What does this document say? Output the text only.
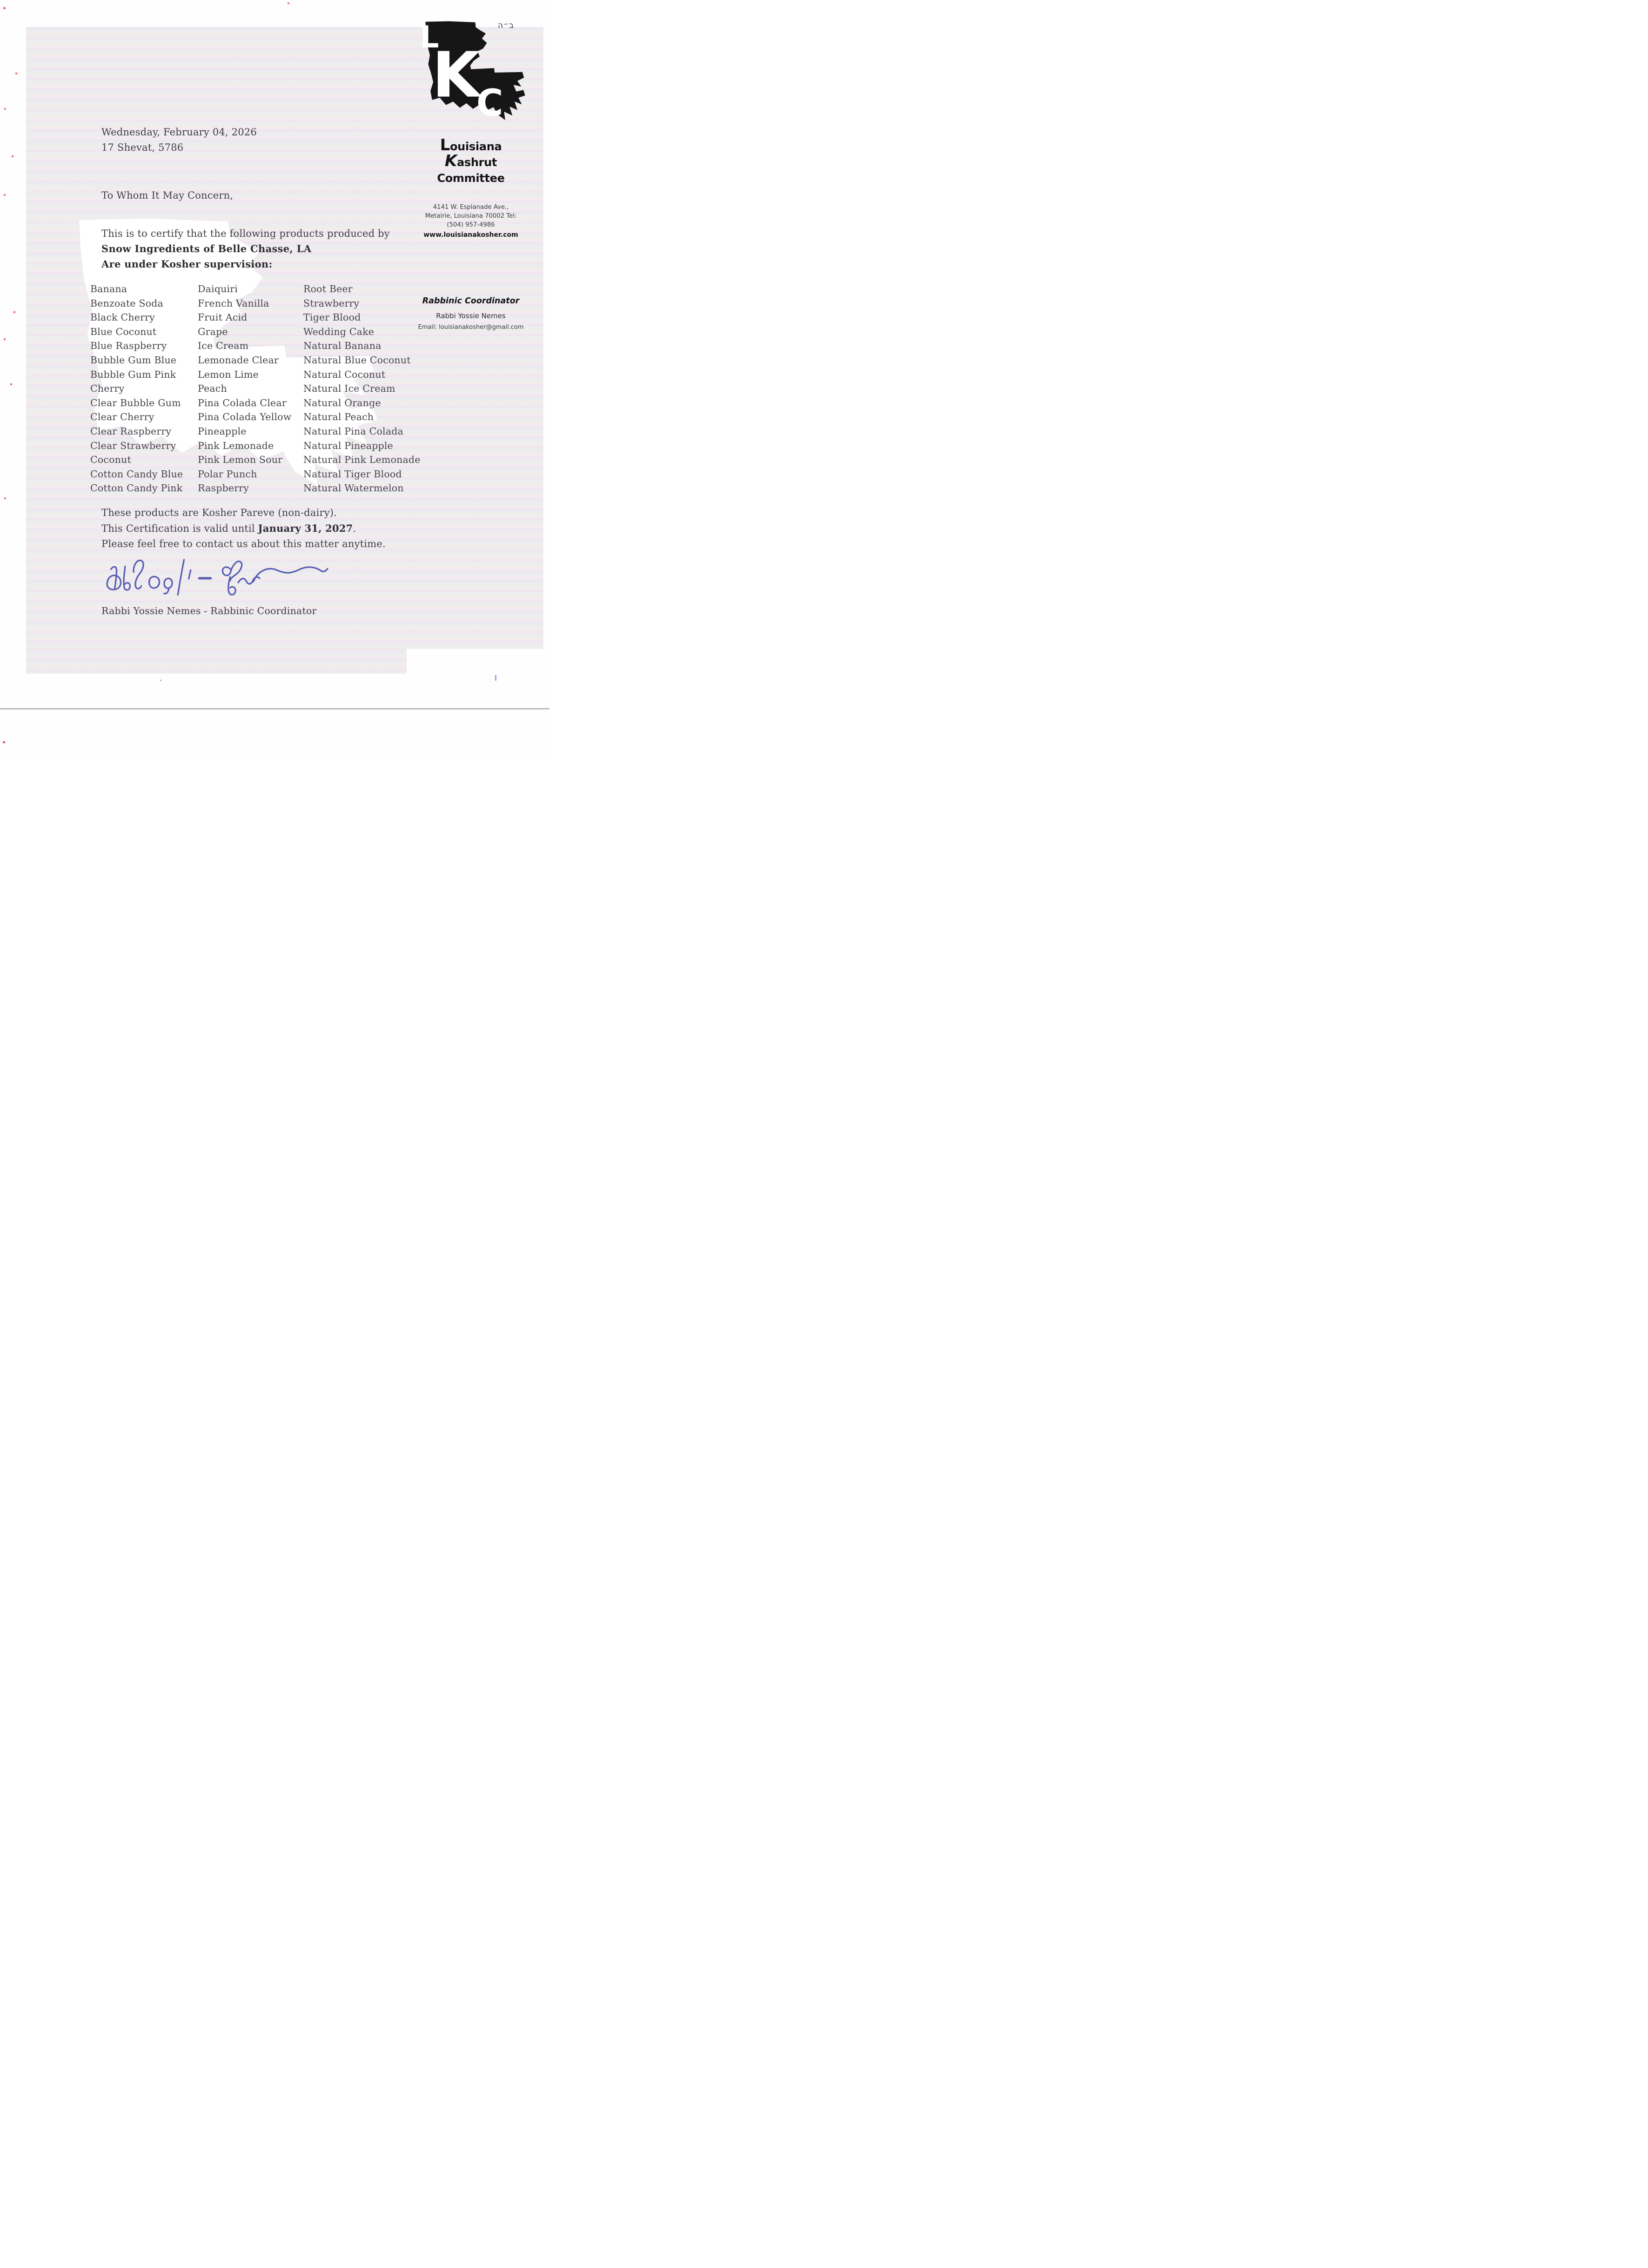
Wednesday, February 04, 2026
17 Shevat, 5786
To Whom It May Concern,
This is to certify that the following products produced by
Snow Ingredients of Belle Chasse, LA
Are under Kosher supervision:
Banana
Benzoate Soda
Black Cherry
Blue Coconut
Blue Raspberry
Bubble Gum Blue
Bubble Gum Pink
Cherry
Clear Bubble Gum
Clear Cherry
Clear Raspberry
Clear Strawberry
Coconut
Cotton Candy Blue
Cotton Candy Pink
Daiquiri
French Vanilla
Fruit Acid
Grape
Ice Cream
Lemonade Clear
Lemon Lime
Peach
Pina Colada Clear
Pina Colada Yellow
Pineapple
Pink Lemonade
Pink Lemon Sour
Polar Punch
Raspberry
Root Beer
Strawberry
Tiger Blood
Wedding Cake
Natural Banana
Natural Blue Coconut
Natural Coconut
Natural Ice Cream
Natural Orange
Natural Peach
Natural Pina Colada
Natural Pineapple
Natural Pink Lemonade
Natural Tiger Blood
Natural Watermelon
These products are Kosher Pareve (non-dairy).
This Certification is valid until January 31, 2027.
Please feel free to contact us about this matter anytime.
Rabbi Yossie Nemes - Rabbinic Coordinator
ב״ה
L
K
C
Louisiana
Kashrut
Committee
4141 W. Esplanade Ave.,
Metairie, Louisiana 70002 Tel:
(504) 957-4986
www.louisianakosher.com
Rabbinic Coordinator
Rabbi Yossie Nemes
Email: louisianakosher@gmail.com
